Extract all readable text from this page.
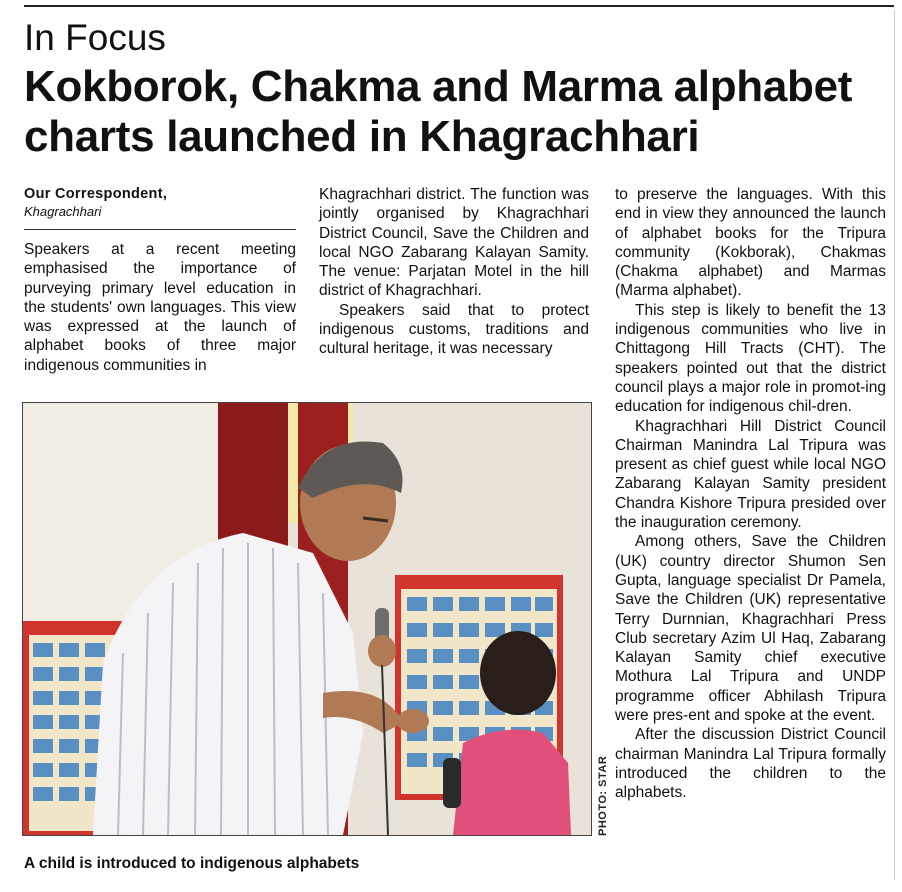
In Focus
Kokborok, Chakma and Marma alphabet charts launched in Khagrachhari
Our Correspondent,
Khagrachhari

Speakers at a recent meeting emphasised the importance of purveying primary level education in the students' own languages. This view was expressed at the launch of alphabet books of three major indigenous communities in

Khagrachhari district. The function was jointly organised by Khagrachhari District Council, Save the Children and local NGO Zabarang Kalayan Samity. The venue: Parjatan Motel in the hill district of Khagrachhari.

Speakers said that to protect indigenous customs, traditions and cultural heritage, it was necessary

to preserve the languages. With this end in view they announced the launch of alphabet books for the Tripura community (Kokborak), Chakmas (Chakma alphabet) and Marmas (Marma alphabet).

This step is likely to benefit the 13 indigenous communities who live in Chittagong Hill Tracts (CHT). The speakers pointed out that the district council plays a major role in promot-ing education for indigenous chil-dren.

Khagrachhari Hill District Council Chairman Manindra Lal Tripura was present as chief guest while local NGO Zabarang Kalayan Samity president Chandra Kishore Tripura presided over the inauguration ceremony.

Among others, Save the Children (UK) country director Shumon Sen Gupta, language specialist Dr Pamela, Save the Children (UK) representative Terry Durnnian, Khagrachhari Press Club secretary Azim Ul Haq, Zabarang Kalayan Samity chief executive Mothura Lal Tripura and UNDP programme officer Abhilash Tripura were pres-ent and spoke at the event.

After the discussion District Council chairman Manindra Lal Tripura formally introduced the children to the alphabets.

PHOTO: STAR
A child is introduced to indigenous alphabets
